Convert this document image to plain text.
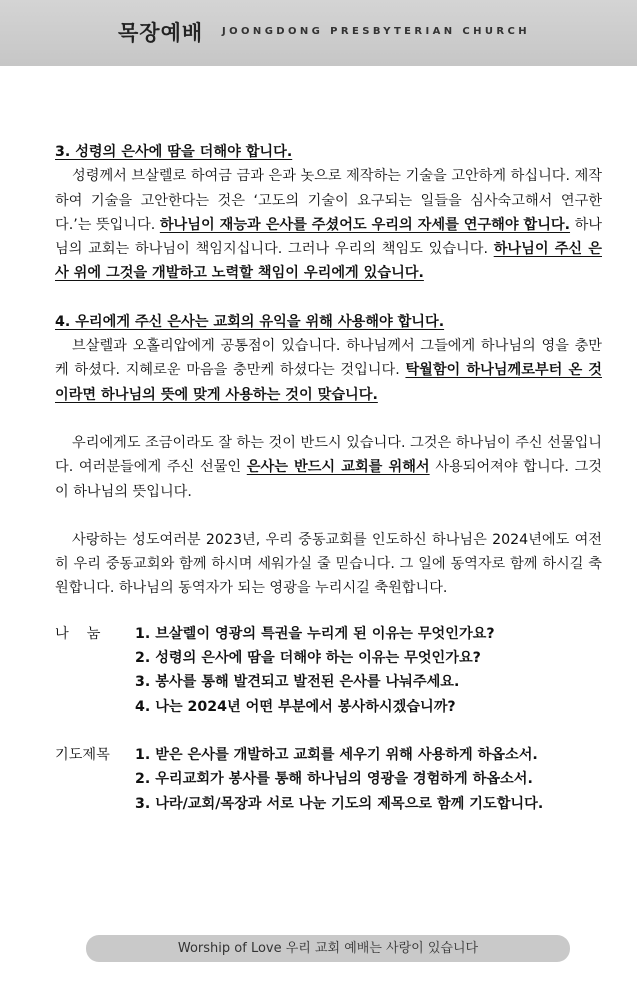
목장예배 JOONGDONG PRESBYTERIAN CHURCH

3. 성령의 은사에 땀을 더해야 합니다.

성령께서 브살렐로 하여금 금과 은과 놋으로 제작하는 기술을 고안하게 하십니다. 제작하여 기술을 고안한다는 것은 ‘고도의 기술이 요구되는 일들을 심사숙고해서 연구한다.’는 뜻입니다. 하나님이 재능과 은사를 주셨어도 우리의 자세를 연구해야 합니다. 하나님의 교회는 하나님이 책임지십니다. 그러나 우리의 책임도 있습니다. 하나님이 주신 은사 위에 그것을 개발하고 노력할 책임이 우리에게 있습니다.

4. 우리에게 주신 은사는 교회의 유익을 위해 사용해야 합니다.

브살렐과 오홀리압에게 공통점이 있습니다. 하나님께서 그들에게 하나님의 영을 충만케 하셨다. 지혜로운 마음을 충만케 하셨다는 것입니다. 탁월함이 하나님께로부터 온 것이라면 하나님의 뜻에 맞게 사용하는 것이 맞습니다.

우리에게도 조금이라도 잘 하는 것이 반드시 있습니다. 그것은 하나님이 주신 선물입니다. 여러분들에게 주신 선물인 은사는 반드시 교회를 위해서 사용되어져야 합니다. 그것이 하나님의 뜻입니다.

사랑하는 성도여러분 2023년, 우리 중동교회를 인도하신 하나님은 2024년에도 여전히 우리 중동교회와 함께 하시며 세워가실 줄 믿습니다. 그 일에 동역자로 함께 하시길 축원합니다. 하나님의 동역자가 되는 영광을 누리시길 축원합니다.

나    눔	1. 브살렐이 영광의 특권을 누리게 된 이유는 무엇인가요?
2. 성령의 은사에 땀을 더해야 하는 이유는 무엇인가요?
3. 봉사를 통해 발견되고 발전된 은사를 나눠주세요.
4. 나는 2024년 어떤 부분에서 봉사하시겠습니까?
기도제목	1. 받은 은사를 개발하고 교회를 세우기 위해 사용하게 하옵소서.
2. 우리교회가 봉사를 통해 하나님의 영광을 경험하게 하옵소서.
3. 나라/교회/목장과 서로 나눈 기도의 제목으로 함께 기도합니다.
Worship of Love 우리 교회 예배는 사랑이 있습니다
